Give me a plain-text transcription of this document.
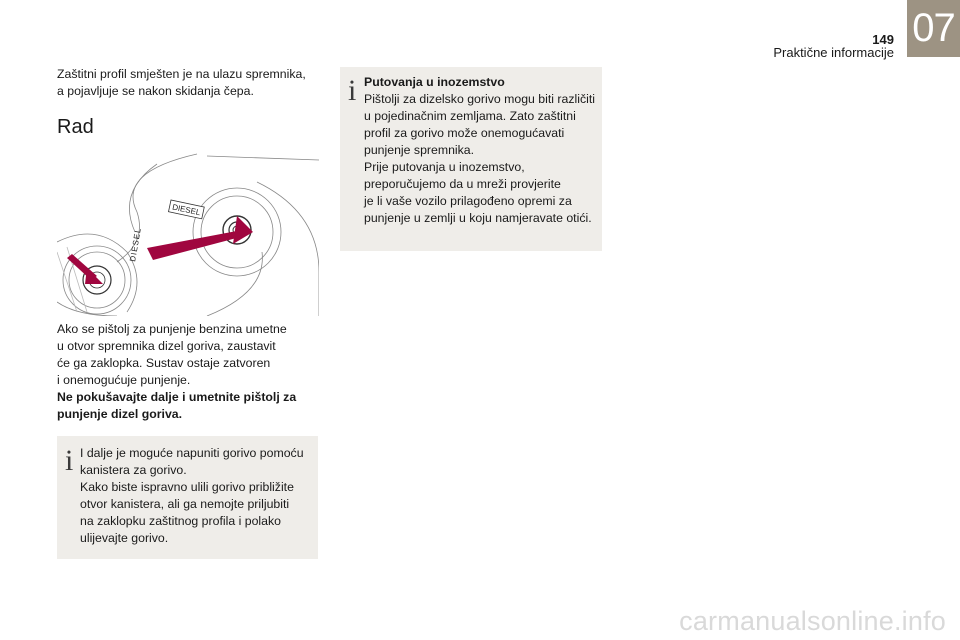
149
Praktične informacije
07
Zaštitni profil smješten je na ulazu spremnika,
a pojavljuje se nakon skidanja čepa.
Rad
DIESEL
DIESEL
Ako se pištolj za punjenje benzina umetne
u otvor spremnika dizel goriva, zaustavit
će ga zaklopka. Sustav ostaje zatvoren
i onemogućuje punjenje.
Ne pokušavajte dalje i umetnite pištolj za
punjenje dizel goriva.
i I dalje je moguće napuniti gorivo pomoću
kanistera za gorivo.
Kako biste ispravno ulili gorivo približite
otvor kanistera, ali ga nemojte priljubiti
na zaklopku zaštitnog profila i polako
ulijevajte gorivo.
i Putovanja u inozemstvo
Pištolji za dizelsko gorivo mogu biti različiti
u pojedinačnim zemljama. Zato zaštitni
profil za gorivo može onemogućavati
punjenje spremnika.
Prije putovanja u inozemstvo,
preporučujemo da u mreži provjerite
je li vaše vozilo prilagođeno opremi za
punjenje u zemlji u koju namjeravate otići.
carmanualsonline.info
